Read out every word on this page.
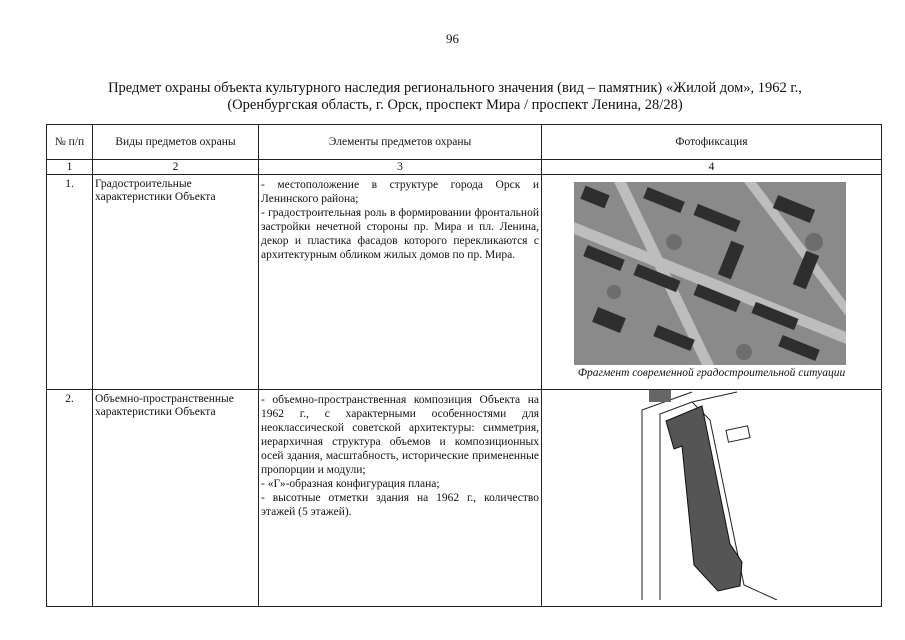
96
Предмет охраны объекта культурного наследия регионального значения (вид – памятник) «Жилой дом», 1962 г.,
(Оренбургская область, г. Орск, проспект Мира / проспект Ленина, 28/28)
№ п/п	Виды предметов охраны	Элементы предметов охраны	Фотофиксация
1	2	3	4
1.	Градостроительные характеристики Объекта	- местоположение в структуре города Орск и Ленинского района;
- градостроительная роль в формировании фронтальной застройки нечетной стороны пр. Мира и пл. Ленина, декор и пластика фасадов которого перекликаются с архитектурным обликом жилых домов по пр. Мира.	Фрагмент современной градостроительной ситуации

2.	Объемно-пространственные характеристики Объекта	- объемно-пространственная композиция Объекта на 1962 г., с характерными особенностями для неоклассической советской архитектуры: симметрия, иерархичная структура объемов и композиционных осей здания, масштабность, исторические примененные пропорции и модули;
- «Г»-образная конфигурация плана;
- высотные отметки здания на 1962 г., количество этажей (5 этажей).
